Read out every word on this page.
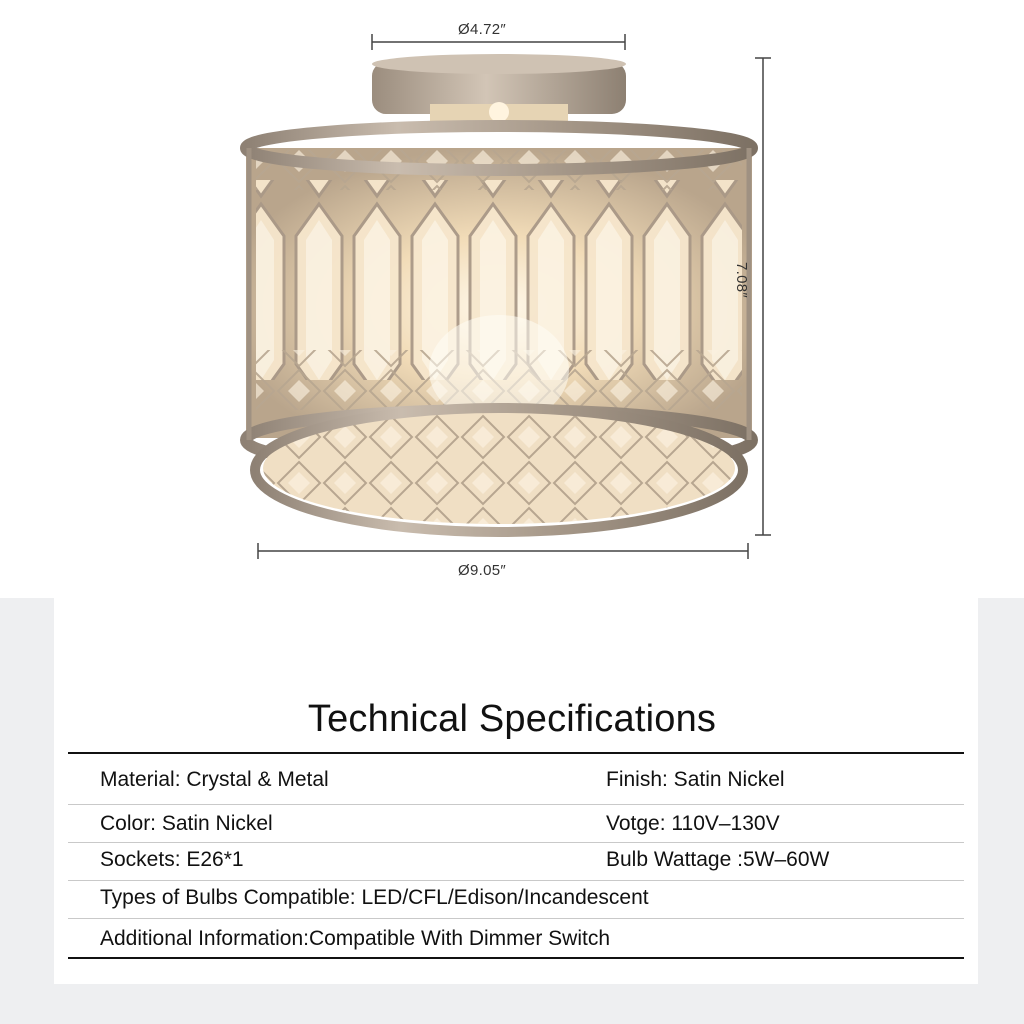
Ø4.72″
7.08″
Ø9.05″
Technical Specifications
Material: Crystal & Metal	Finish: Satin Nickel
Color: Satin Nickel	Votge: 110V–130V
Sockets: E26*1	Bulb Wattage :5W–60W
Types of Bulbs Compatible: LED/CFL/Edison/Incandescent
Additional Information:Compatible With Dimmer Switch
